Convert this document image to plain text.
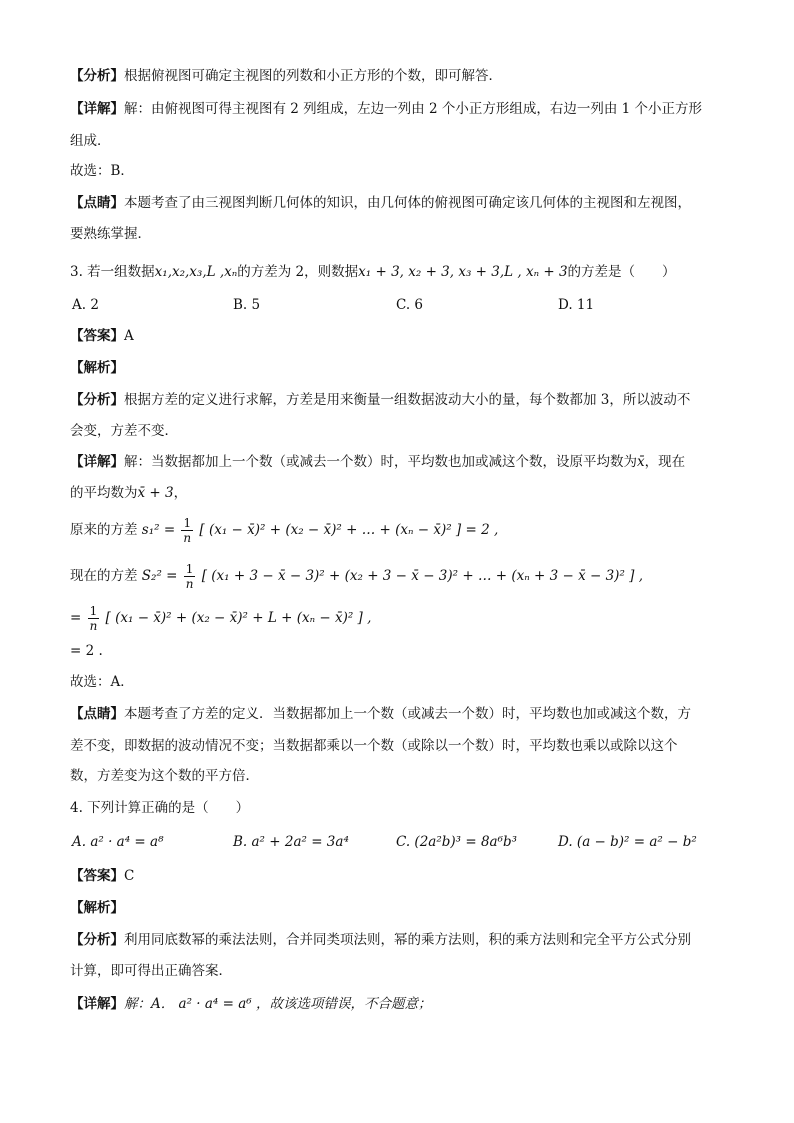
【分析】根据俯视图可确定主视图的列数和小正方形的个数，即可解答．
【详解】解：由俯视图可得主视图有 2 列组成，左边一列由 2 个小正方形组成，右边一列由 1 个小正方形
组成．
故选：B．
【点睛】本题考查了由三视图判断几何体的知识，由几何体的俯视图可确定该几何体的主视图和左视图，
要熟练掌握．
3. 若一组数据x₁,x₂,x₃,L ,xₙ的方差为 2，则数据x₁ + 3, x₂ + 3, x₃ + 3,L , xₙ + 3的方差是（　　）
A. 2	B. 5	C. 6	D. 11
【答案】A
【解析】
【分析】根据方差的定义进行求解，方差是用来衡量一组数据波动大小的量，每个数都加 3，所以波动不
会变，方差不变．
【详解】解：当数据都加上一个数（或减去一个数）时，平均数也加或减这个数，设原平均数为x̄，现在
的平均数为x̄ + 3，
原来的方差 $s_1^2 = \frac{1}{n}$ [ (x₁ − x̄)² + (x₂ − x̄)² + … + (xₙ − x̄)² ] = 2 ,
现在的方差 $S_2^2 = \frac{1}{n}$ [ (x₁ + 3 − x̄ − 3)² + (x₂ + 3 − x̄ − 3)² + … + (xₙ + 3 − x̄ − 3)² ] ,
= $\frac{1}{n}$ [ (x₁ − x̄)² + (x₂ − x̄)² + L + (xₙ − x̄)² ] ,
= 2 .
故选：A．
【点睛】本题考查了方差的定义．当数据都加上一个数（或减去一个数）时，平均数也加或减这个数，方
差不变，即数据的波动情况不变；当数据都乘以一个数（或除以一个数）时，平均数也乘以或除以这个
数，方差变为这个数的平方倍．
4. 下列计算正确的是（　　）
A. a² · a⁴ = a⁸	B. a² + 2a² = 3a⁴	C. (2a²b)³ = 8a⁶b³	D. (a − b)² = a² − b²
【答案】C
【解析】
【分析】利用同底数幂的乘法法则，合并同类项法则，幂的乘方法则，积的乘方法则和完全平方公式分别
计算，即可得出正确答案．
【详解】解：A． a² · a⁴ = a⁶ ，故该选项错误，不合题意；
